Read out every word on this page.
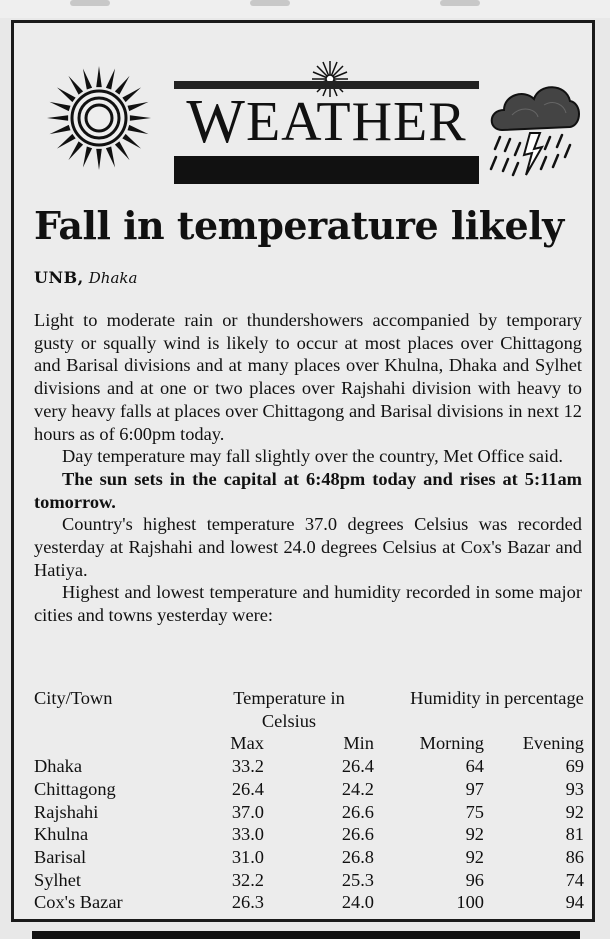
W EATHER
Fall in temperature likely
UNB, Dhaka

Light to moderate rain or thundershowers accompanied by temporary gusty or squally wind is likely to occur at most places over Chittagong and Barisal divisions and at many places over Khulna, Dhaka and Sylhet divisions and at one or two places over Rajshahi division with heavy to very heavy falls at places over Chittagong and Barisal divisions in next 12 hours as of 6:00pm today.

Day temperature may fall slightly over the country, Met Office said.

The sun sets in the capital at 6:48pm today and rises at 5:11am tomorrow.

Country's highest temperature 37.0 degrees Celsius was recorded yesterday at Rajshahi and lowest 24.0 degrees Celsius at Cox's Bazar and Hatiya.

Highest and lowest temperature and humidity recorded in some major cities and towns yesterday were:

City/Town	Temperature in Celsius		Humidity in percentage	
	Max	Min	Morning	Evening
Dhaka	33.2	26.4	64	69
Chittagong	26.4	24.2	97	93
Rajshahi	37.0	26.6	75	92
Khulna	33.0	26.6	92	81
Barisal	31.0	26.8	92	86
Sylhet	32.2	25.3	96	74
Cox's Bazar	26.3	24.0	100	94
